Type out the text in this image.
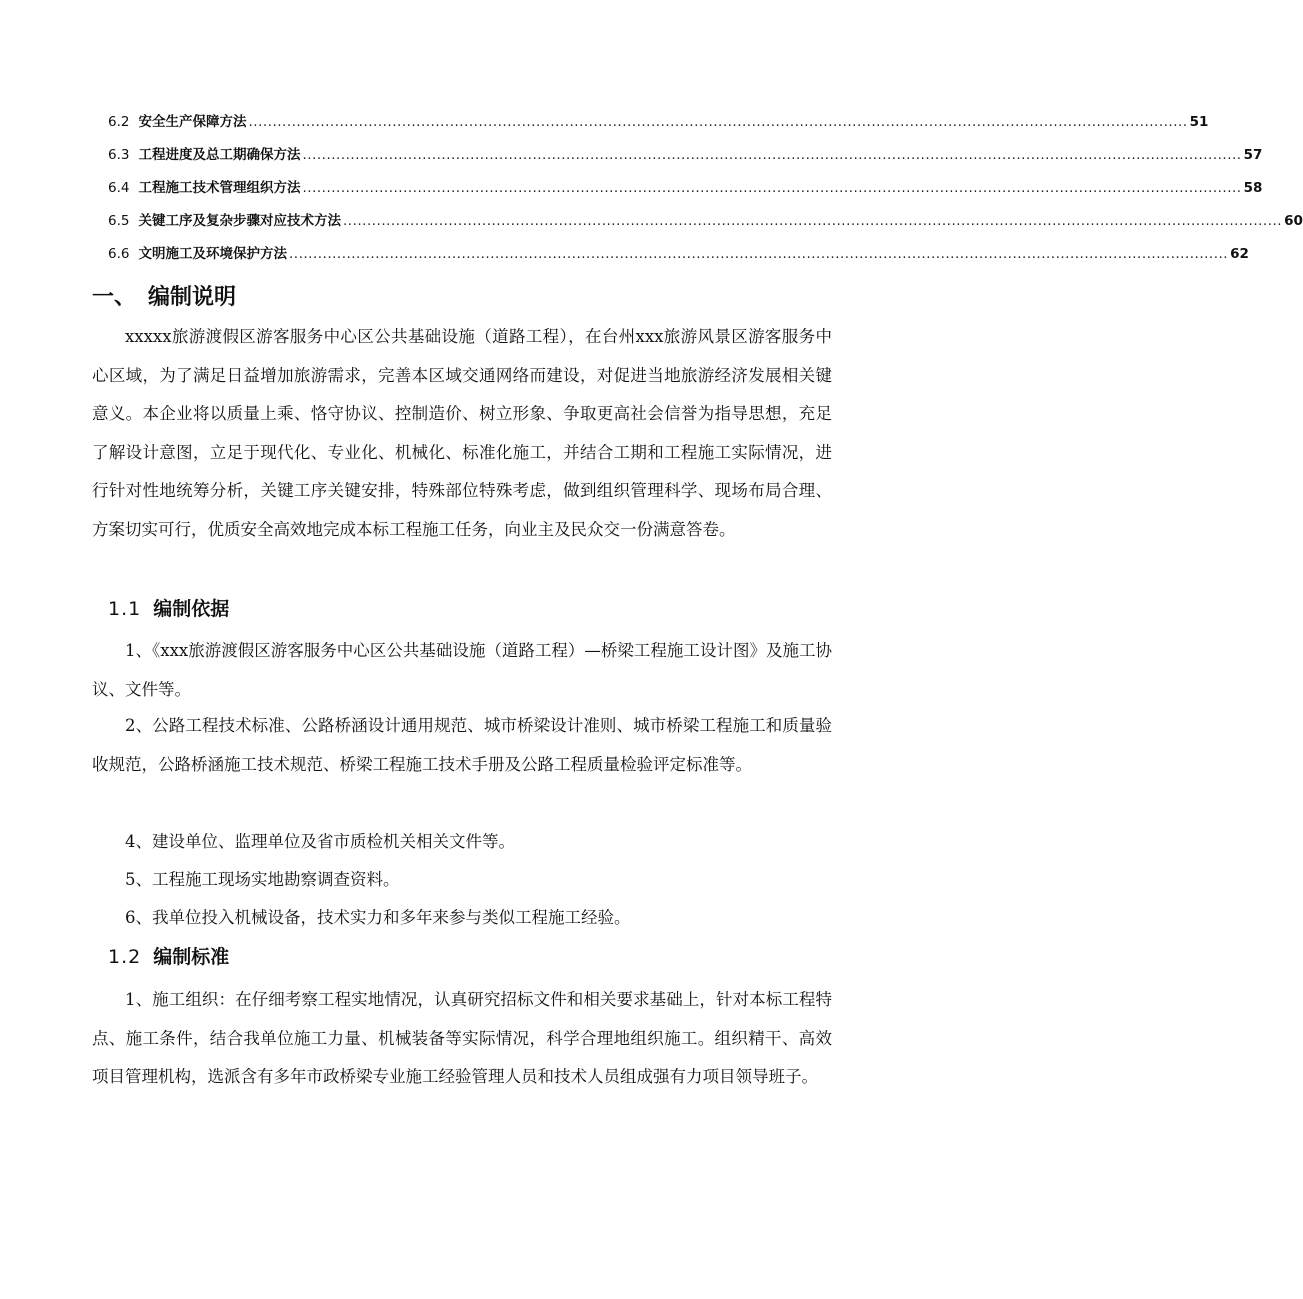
6.2 安全生产保障方法 .................................................................................................................................................................................................... 51
6.3 工程进度及总工期确保方法 .................................................................................................................................................................................................... 57
6.4 工程施工技术管理组织方法 .................................................................................................................................................................................................... 58
6.5 关键工序及复杂步骤对应技术方法 .................................................................................................................................................................................................... 60
6.6 文明施工及环境保护方法 .................................................................................................................................................................................................... 62
一、 编制说明

xxxxx旅游渡假区游客服务中心区公共基础设施（道路工程），在台州xxx旅游风景区游客服务中心区域，为了满足日益增加旅游需求，完善本区域交通网络而建设，对促进当地旅游经济发展相关键意义。本企业将以质量上乘、恪守协议、控制造价、树立形象、争取更高社会信誉为指导思想，充足了解设计意图，立足于现代化、专业化、机械化、标准化施工，并结合工期和工程施工实际情况，进行针对性地统筹分析，关键工序关键安排，特殊部位特殊考虑，做到组织管理科学、现场布局合理、方案切实可行，优质安全高效地完成本标工程施工任务，向业主及民众交一份满意答卷。

1.1 编制依据

1、《xxx旅游渡假区游客服务中心区公共基础设施（道路工程）—桥梁工程施工设计图》及施工协议、文件等。

2、公路工程技术标准、公路桥涵设计通用规范、城市桥梁设计准则、城市桥梁工程施工和质量验收规范，公路桥涵施工技术规范、桥梁工程施工技术手册及公路工程质量检验评定标准等。

4、建设单位、监理单位及省市质检机关相关文件等。

5、工程施工现场实地勘察调查资料。

6、我单位投入机械设备，技术实力和多年来参与类似工程施工经验。

1.2 编制标准

1、施工组织：在仔细考察工程实地情况，认真研究招标文件和相关要求基础上，针对本标工程特点、施工条件，结合我单位施工力量、机械装备等实际情况，科学合理地组织施工。组织精干、高效项目管理机构，选派含有多年市政桥梁专业施工经验管理人员和技术人员组成强有力项目领导班子。
